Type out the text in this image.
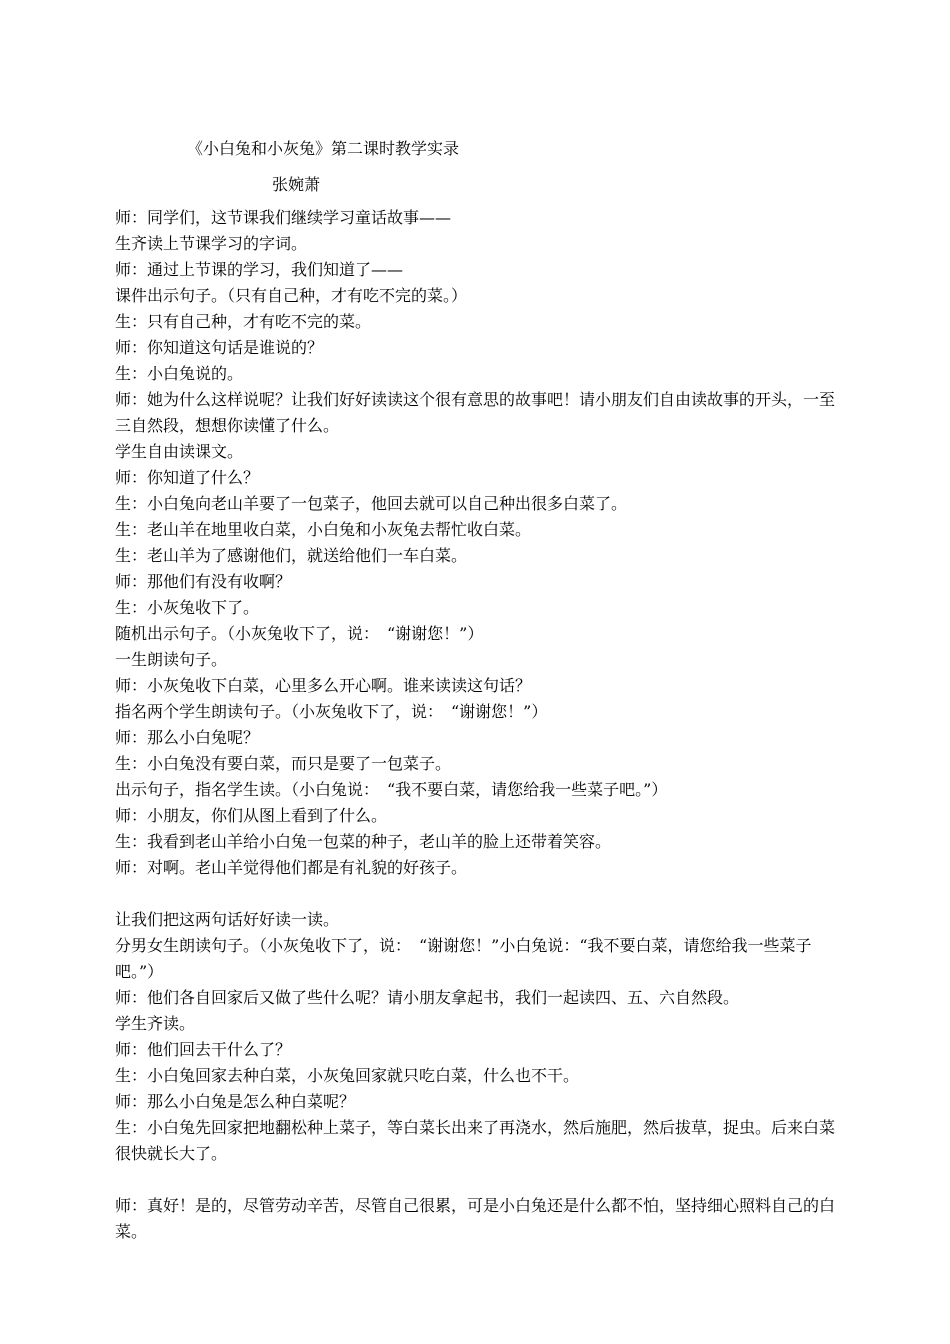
《小白兔和小灰兔》第二课时教学实录
张婉萧

师：同学们，这节课我们继续学习童话故事——

生齐读上节课学习的字词。

师：通过上节课的学习，我们知道了——

课件出示句子。（只有自己种，才有吃不完的菜。）

生：只有自己种，才有吃不完的菜。

师：你知道这句话是谁说的？

生：小白兔说的。

师：她为什么这样说呢？让我们好好读读这个很有意思的故事吧！请小朋友们自由读故事的开头，一至三自然段，想想你读懂了什么。

学生自由读课文。

师：你知道了什么？

生：小白兔向老山羊要了一包菜子，他回去就可以自己种出很多白菜了。

生：老山羊在地里收白菜，小白兔和小灰兔去帮忙收白菜。

生：老山羊为了感谢他们，就送给他们一车白菜。

师：那他们有没有收啊？

生：小灰兔收下了。

随机出示句子。（小灰兔收下了，说：　“谢谢您！”）

一生朗读句子。

师：小灰兔收下白菜，心里多么开心啊。谁来读读这句话？

指名两个学生朗读句子。（小灰兔收下了，说：　“谢谢您！”）

师：那么小白兔呢？

生：小白兔没有要白菜，而只是要了一包菜子。

出示句子，指名学生读。（小白兔说：　“我不要白菜，请您给我一些菜子吧。”）

师：小朋友，你们从图上看到了什么。

生：我看到老山羊给小白兔一包菜的种子，老山羊的脸上还带着笑容。

师：对啊。老山羊觉得他们都是有礼貌的好孩子。

让我们把这两句话好好读一读。

分男女生朗读句子。（小灰兔收下了，说：　“谢谢您！”小白兔说：“我不要白菜，请您给我一些菜子吧。”）

师：他们各自回家后又做了些什么呢？请小朋友拿起书，我们一起读四、五、六自然段。

学生齐读。

师：他们回去干什么了？

生：小白兔回家去种白菜，小灰兔回家就只吃白菜，什么也不干。

师：那么小白兔是怎么种白菜呢？

生：小白兔先回家把地翻松种上菜子，等白菜长出来了再浇水，然后施肥，然后拔草，捉虫。后来白菜很快就长大了。

师：真好！是的，尽管劳动辛苦，尽管自己很累，可是小白兔还是什么都不怕，坚持细心照料自己的白菜。
